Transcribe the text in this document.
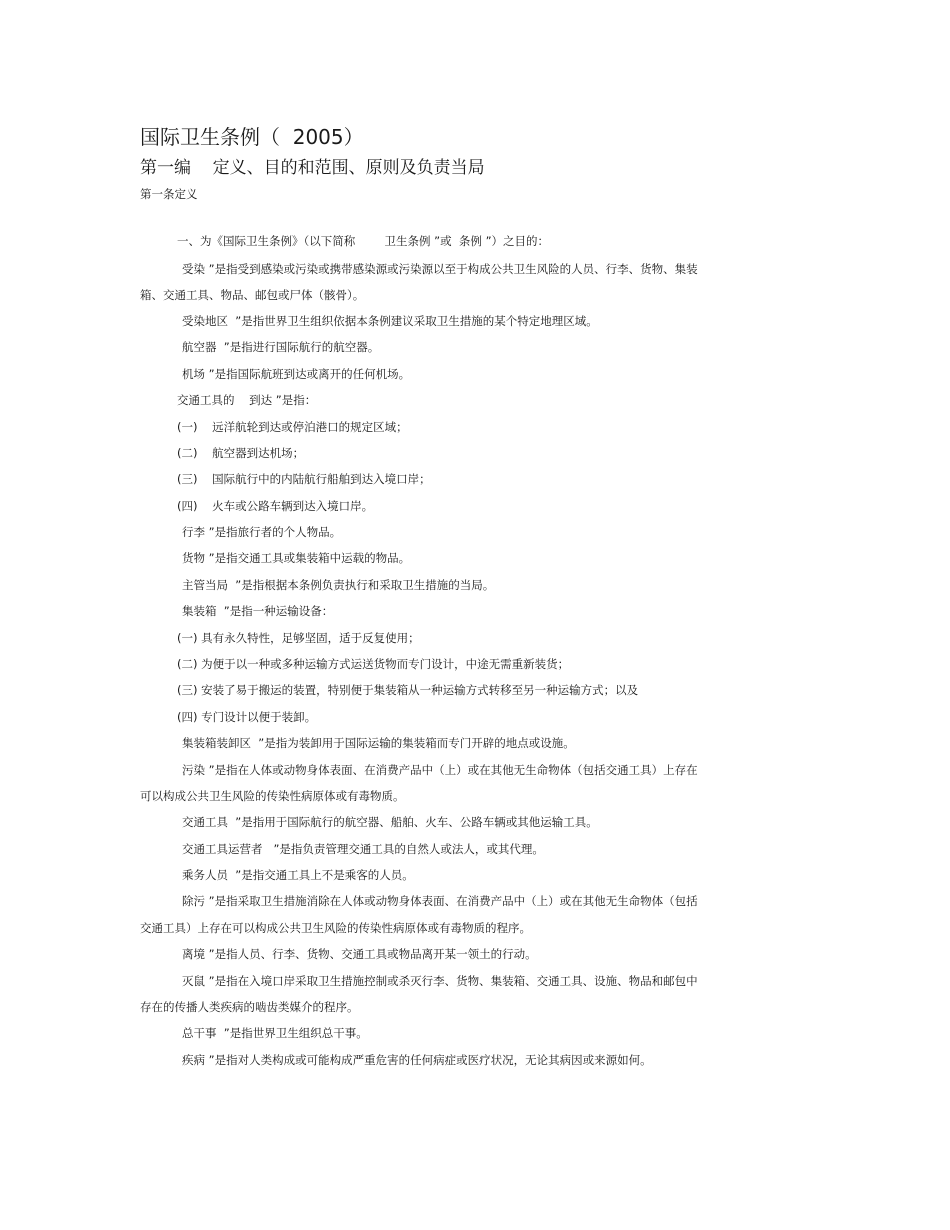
国际卫生条例（  2005）
第一编    定义、目的和范围、原则及负责当局
第一条定义
一、为《国际卫生条例》（以下简称        卫生条例 ”或  条例 ”）之目的：
受染 ”是指受到感染或污染或携带感染源或污染源以至于构成公共卫生风险的人员、行李、货物、集装
箱、交通工具、物品、邮包或尸体（骸骨）。
受染地区  ”是指世界卫生组织依据本条例建议采取卫生措施的某个特定地理区域。
航空器  ”是指进行国际航行的航空器。
机场 ”是指国际航班到达或离开的任何机场。
交通工具的    到达 ”是指：
(一)    远洋航轮到达或停泊港口的规定区域；
(二)    航空器到达机场；
(三)    国际航行中的内陆航行船舶到达入境口岸；
(四)    火车或公路车辆到达入境口岸。
行李 ”是指旅行者的个人物品。
货物 ”是指交通工具或集装箱中运载的物品。
主管当局  ”是指根据本条例负责执行和采取卫生措施的当局。
集装箱  ”是指一种运输设备：
(一) 具有永久特性，足够坚固，适于反复使用；
(二) 为便于以一种或多种运输方式运送货物而专门设计，中途无需重新装货；
(三) 安装了易于搬运的装置，特别便于集装箱从一种运输方式转移至另一种运输方式；以及
(四) 专门设计以便于装卸。
集装箱装卸区  ”是指为装卸用于国际运输的集装箱而专门开辟的地点或设施。
污染 ”是指在人体或动物身体表面、在消费产品中（上）或在其他无生命物体（包括交通工具）上存在
可以构成公共卫生风险的传染性病原体或有毒物质。
交通工具  ”是指用于国际航行的航空器、船舶、火车、公路车辆或其他运输工具。
交通工具运营者   ”是指负责管理交通工具的自然人或法人，或其代理。
乘务人员  ”是指交通工具上不是乘客的人员。
除污 ”是指采取卫生措施消除在人体或动物身体表面、在消费产品中（上）或在其他无生命物体（包括
交通工具）上存在可以构成公共卫生风险的传染性病原体或有毒物质的程序。
离境 ”是指人员、行李、货物、交通工具或物品离开某一领土的行动。
灭鼠 ”是指在入境口岸采取卫生措施控制或杀灭行李、货物、集装箱、交通工具、设施、物品和邮包中
存在的传播人类疾病的啮齿类媒介的程序。
总干事  ”是指世界卫生组织总干事。
疾病 ”是指对人类构成或可能构成严重危害的任何病症或医疗状况，无论其病因或来源如何。
